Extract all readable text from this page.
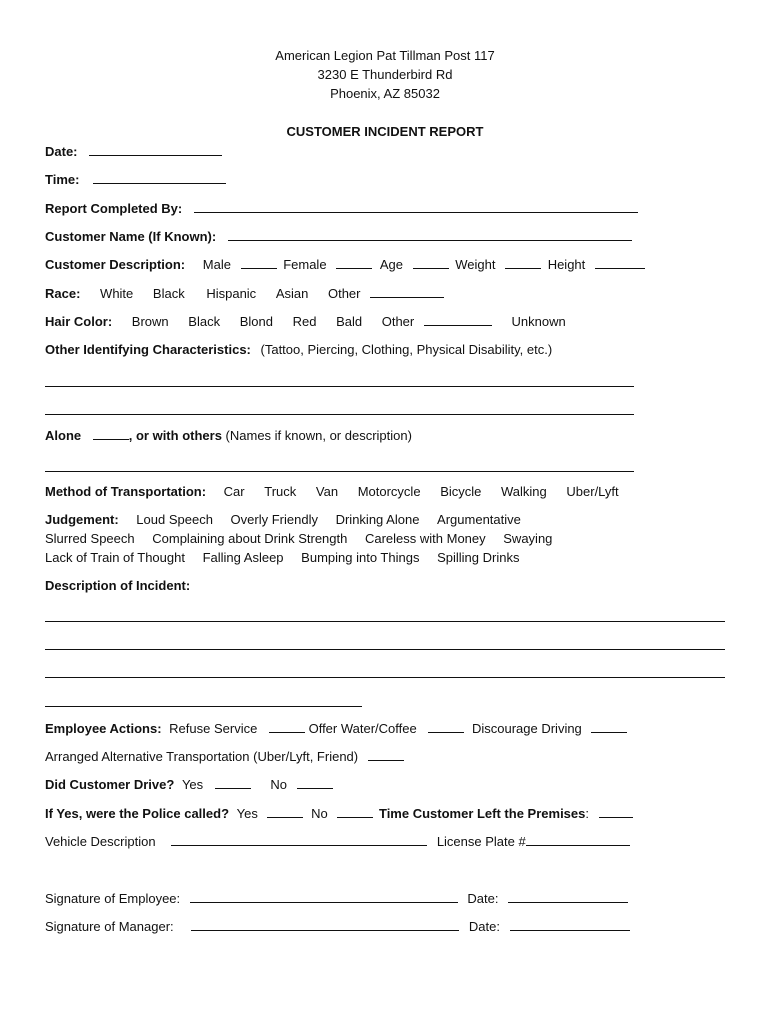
American Legion Pat Tillman Post 117
3230 E Thunderbird Rd
Phoenix, AZ 85032
CUSTOMER INCIDENT REPORT
Date:
Time:
Report Completed By:
Customer Name (If Known):
Customer Description: Male	Female	Age	Weight	Height
Race: White Black Hispanic Asian Other
Hair Color: Brown Black Blond Red Bald Other	Unknown
Other Identifying Characteristics: (Tattoo, Piercing, Clothing, Physical Disability, etc.)
Alone	, or with others (Names if known, or description)
Method of Transportation: Car Truck Van Motorcycle Bicycle Walking Uber/Lyft
Judgement: Loud Speech Overly Friendly Drinking Alone Argumentative
Slurred Speech Complaining about Drink Strength Careless with Money Swaying
Lack of Train of Thought Falling Asleep Bumping into Things Spilling Drinks
Description of Incident:
Employee Actions: Refuse Service	Offer Water/Coffee	Discourage Driving
Arranged Alternative Transportation (Uber/Lyft, Friend)
Did Customer Drive? Yes	No
If Yes, were the Police called? Yes	No	Time Customer Left the Premises:
Vehicle Description	License Plate #
Signature of Employee:	Date:
Signature of Manager:	Date:
